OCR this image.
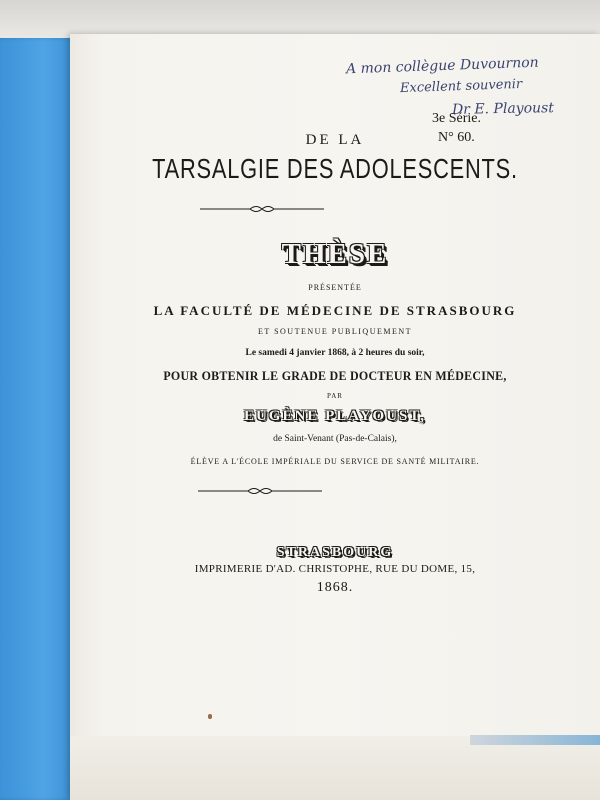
A mon collègue Duvournon
Excellent souvenir
Dr E. Playoust
3e Série.
N° 60.
DE LA
TARSALGIE DES ADOLESCENTS.
THÈSE
PRÉSENTÉE
LA FACULTÉ DE MÉDECINE DE STRASBOURG
ET SOUTENUE PUBLIQUEMENT
Le samedi 4 janvier 1868, à 2 heures du soir,
POUR OBTENIR LE GRADE DE DOCTEUR EN MÉDECINE,
PAR
EUGÈNE PLAYOUST,
de Saint-Venant (Pas-de-Calais),
ÉLÈVE A L'ÉCOLE IMPÉRIALE DU SERVICE DE SANTÉ MILITAIRE.
STRASBOURG
IMPRIMERIE D'AD. CHRISTOPHE, RUE DU DOME, 15,
1868.
